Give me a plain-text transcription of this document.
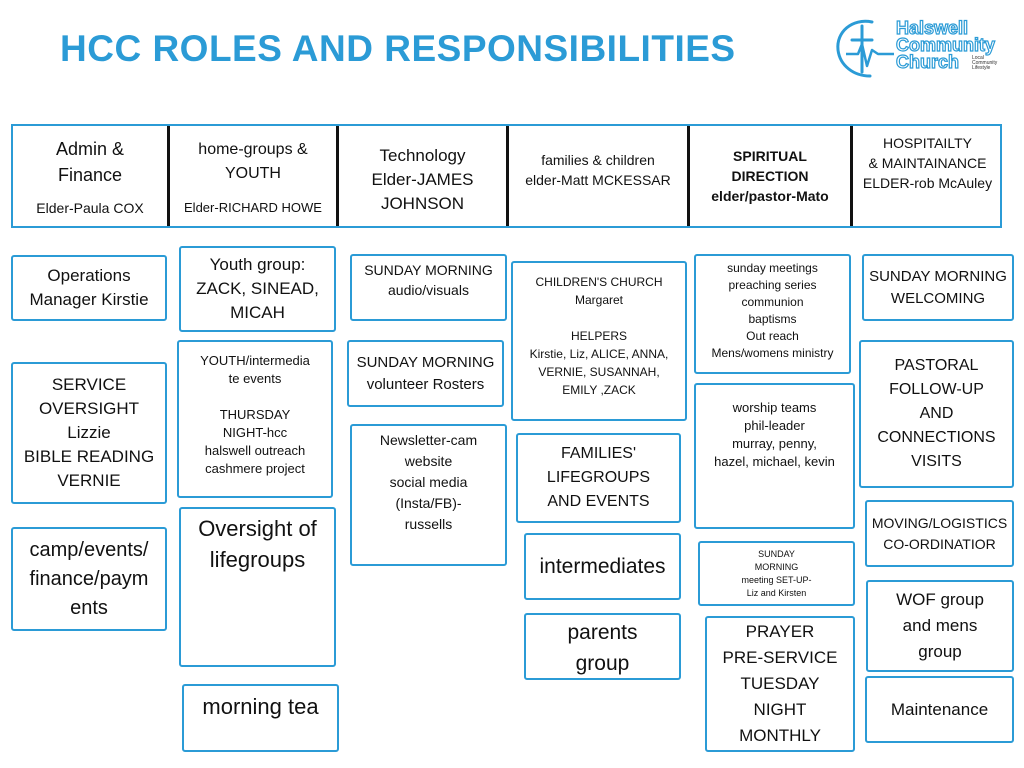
HCC ROLES AND RESPONSIBILITIES	Halswell
Community
Church	Local
Community
Lifestyle
Admin &
Finance
Elder-Paula COX
home-groups &
YOUTH
Elder-RICHARD HOWE
Technology
Elder-JAMES
JOHNSON
families & children
elder-Matt MCKESSAR
SPIRITUAL
DIRECTION
elder/pastor-Mato
HOSPITAILTY
& MAINTAINANCE
ELDER-rob McAuley
Operations
Manager Kirstie
SERVICE
OVERSIGHT
Lizzie
BIBLE READING
VERNIE
camp/events/
finance/paym
ents
Youth group:
ZACK, SINEAD,
MICAH
YOUTH/intermedia
te events

THURSDAY
NIGHT-hcc
halswell outreach
cashmere project
Oversight of
lifegroups
morning tea
SUNDAY MORNING
audio/visuals
SUNDAY MORNING
volunteer Rosters
Newsletter-cam
website
social media
(Insta/FB)-
russells
CHILDREN'S CHURCH
Margaret

HELPERS
Kirstie, Liz, ALICE, ANNA,
VERNIE, SUSANNAH,
EMILY ,ZACK
FAMILIES'
LIFEGROUPS
AND EVENTS
intermediates
parents
group
sunday meetings
preaching series
communion
baptisms
Out reach
Mens/womens ministry
worship teams
phil-leader
murray, penny,
hazel, michael, kevin
SUNDAY
MORNING
meeting SET-UP-
Liz and Kirsten
PRAYER
PRE-SERVICE
TUESDAY
NIGHT
MONTHLY
SUNDAY MORNING
WELCOMING
PASTORAL
FOLLOW-UP
AND
CONNECTIONS
VISITS
MOVING/LOGISTICS
CO-ORDINATIOR
WOF group
and mens
group
Maintenance
